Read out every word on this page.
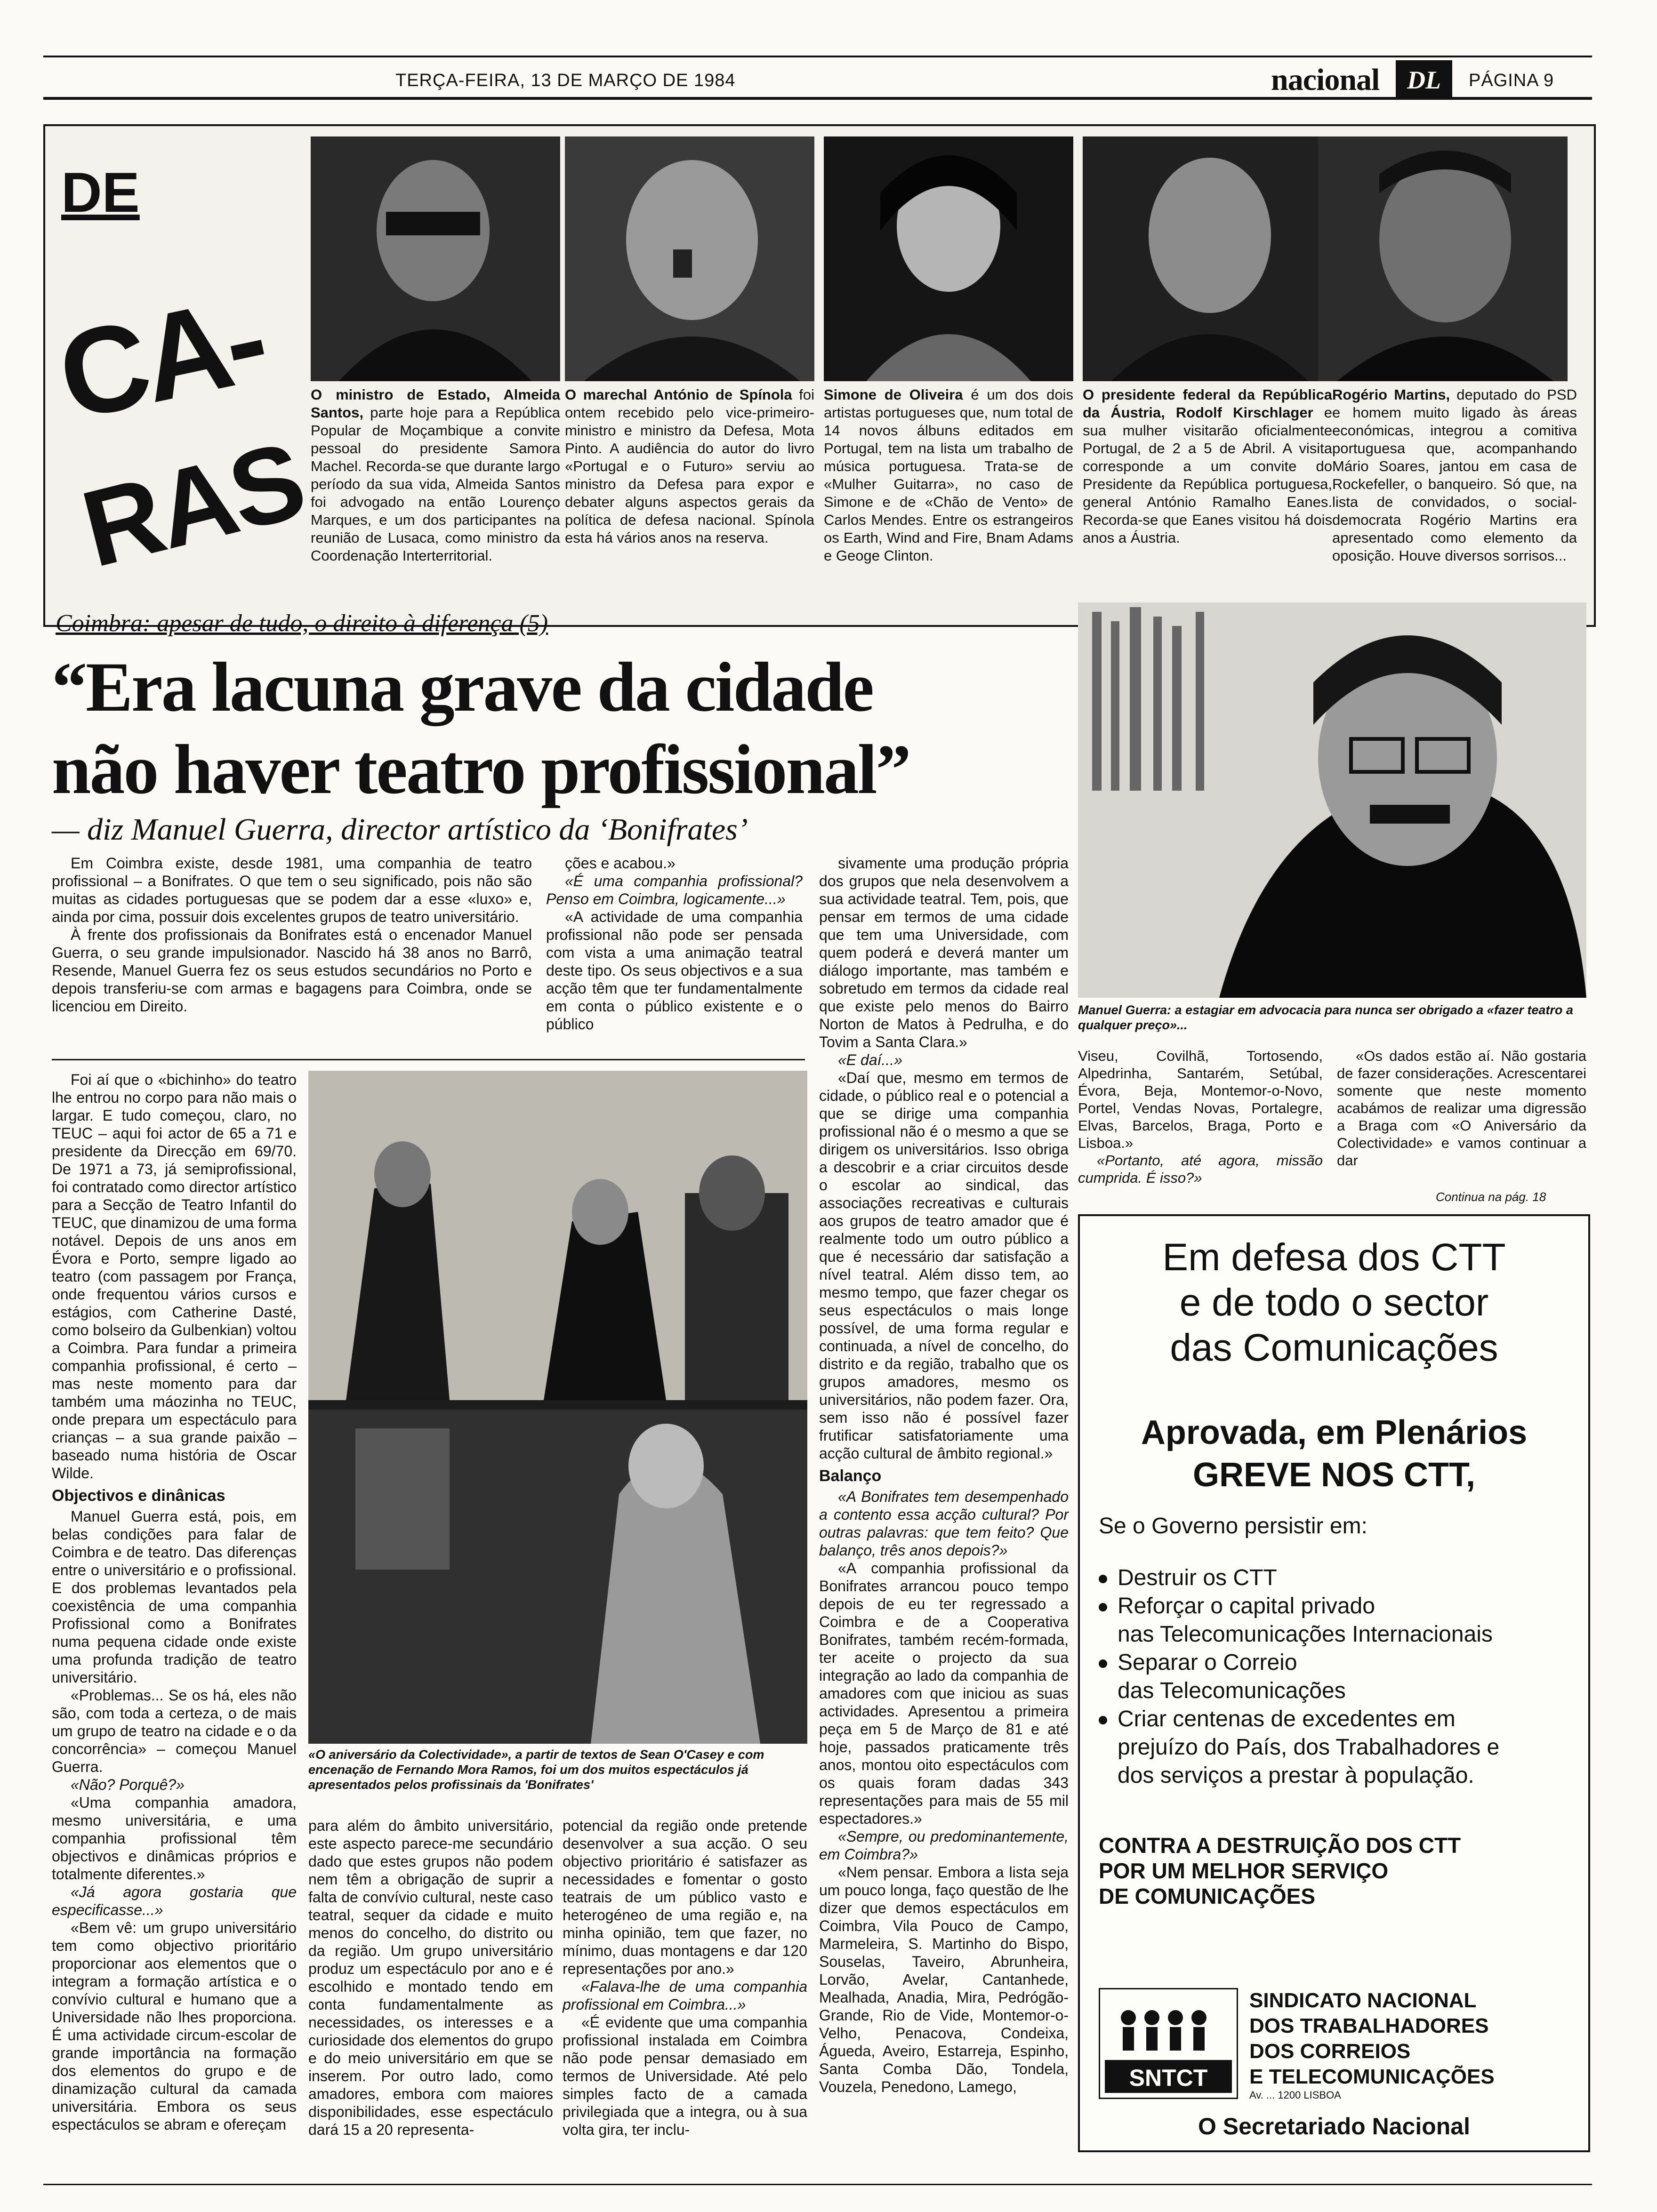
TERÇA-FEIRA, 13 DE MARÇO DE 1984	nacional DL PÁGINA 9
DE
CA-
RAS
O ministro de Estado, Almeida Santos, parte hoje para a República Popular de Moçambique a convite pessoal do presidente Samora Machel. Recorda-se que durante largo período da sua vida, Almeida Santos foi advogado na então Lourenço Marques, e um dos participantes na reunião de Lusaca, como ministro da Coordenação Interterritorial.
O marechal António de Spínola foi ontem recebido pelo vice-primeiro-ministro e ministro da Defesa, Mota Pinto. A audiência do autor do livro «Portugal e o Futuro» serviu ao ministro da Defesa para expor e debater alguns aspectos gerais da política de defesa nacional. Spínola esta há vários anos na reserva.
Simone de Oliveira é um dos dois artistas portugueses que, num total de 14 novos álbuns editados em Portugal, tem na lista um trabalho de música portuguesa. Trata-se de «Mulher Guitarra», no caso de Simone e de «Chão de Vento» de Carlos Mendes. Entre os estrangeiros os Earth, Wind and Fire, Bnam Adams e Geoge Clinton.
O presidente federal da República da Áustria, Rodolf Kirschlager e sua mulher visitarão oficialmente Portugal, de 2 a 5 de Abril. A visita corresponde a um convite do Presidente da República portuguesa, general António Ramalho Eanes. Recorda-se que Eanes visitou há dois anos a Áustria.
Rogério Martins, deputado do PSD e homem muito ligado às áreas económicas, integrou a comitiva portuguesa que, acompanhando Mário Soares, jantou em casa de Rockefeller, o banqueiro. Só que, na lista de convidados, o social-democrata Rogério Martins era apresentado como elemento da oposição. Houve diversos sorrisos...
Coimbra: apesar de tudo, o direito à diferença (5)
“Era lacuna grave da cidade
não haver teatro profissional”
— diz Manuel Guerra, director artístico da ‘Bonifrates’
Manuel Guerra: a estagiar em advocacia para nunca ser obrigado a «fazer teatro a qualquer preço»...

Em Coimbra existe, desde 1981, uma companhia de teatro profissional – a Bonifrates. O que tem o seu significado, pois não são muitas as cidades portuguesas que se podem dar a esse «luxo» e, ainda por cima, possuir dois excelentes grupos de teatro universitário.

À frente dos profissionais da Bonifrates está o encenador Manuel Guerra, o seu grande impulsionador. Nascido há 38 anos no Barrô, Resende, Manuel Guerra fez os seus estudos secundários no Porto e depois transferiu-se com armas e bagagens para Coimbra, onde se licenciou em Direito.

ções e acabou.»

«É uma companhia profissional? Penso em Coimbra, logicamente...»

«A actividade de uma companhia profissional não pode ser pensada com vista a uma animação teatral deste tipo. Os seus objectivos e a sua acção têm que ter fundamentalmente em conta o público existente e o público

sivamente uma produção própria dos grupos que nela desenvolvem a sua actividade teatral. Tem, pois, que pensar em termos de uma cidade que tem uma Universidade, com quem poderá e deverá manter um diálogo importante, mas também e sobretudo em termos da cidade real que existe pelo menos do Bairro Norton de Matos à Pedrulha, e do Tovim a Santa Clara.»

«E daí...»

«Daí que, mesmo em termos de cidade, o público real e o potencial a que se dirige uma companhia profissional não é o mesmo a que se dirigem os universitários. Isso obriga a descobrir e a criar circuitos desde o escolar ao sindical, das associações recreativas e culturais aos grupos de teatro amador que é realmente todo um outro público a que é necessário dar satisfação a nível teatral. Além disso tem, ao mesmo tempo, que fazer chegar os seus espectáculos o mais longe possível, de uma forma regular e continuada, a nível de concelho, do distrito e da região, trabalho que os grupos amadores, mesmo os universitários, não podem fazer. Ora, sem isso não é possível fazer frutificar satisfatoriamente uma acção cultural de âmbito regional.»

Balanço

«A Bonifrates tem desempenhado a contento essa acção cultural? Por outras palavras: que tem feito? Que balanço, três anos depois?»

«A companhia profissional da Bonifrates arrancou pouco tempo depois de eu ter regressado a Coimbra e de a Cooperativa Bonifrates, também recém-formada, ter aceite o projecto da sua integração ao lado da companhia de amadores com que iniciou as suas actividades. Apresentou a primeira peça em 5 de Março de 81 e até hoje, passados praticamente três anos, montou oito espectáculos com os quais foram dadas 343 representações para mais de 55 mil espectadores.»

«Sempre, ou predominantemente, em Coimbra?»

«Nem pensar. Embora a lista seja um pouco longa, faço questão de lhe dizer que demos espectáculos em Coimbra, Vila Pouco de Campo, Marmeleira, S. Martinho do Bispo, Souselas, Taveiro, Abrunheira, Lorvão, Avelar, Cantanhede, Mealhada, Anadia, Mira, Pedrógão-Grande, Rio de Vide, Montemor-o-Velho, Penacova, Condeixa, Águeda, Aveiro, Estarreja, Espinho, Santa Comba Dão, Tondela, Vouzela, Penedono, Lamego,

Foi aí que o «bichinho» do teatro lhe entrou no corpo para não mais o largar. E tudo começou, claro, no TEUC – aqui foi actor de 65 a 71 e presidente da Direcção em 69/70. De 1971 a 73, já semiprofissional, foi contratado como director artístico para a Secção de Teatro Infantil do TEUC, que dinamizou de uma forma notável. Depois de uns anos em Évora e Porto, sempre ligado ao teatro (com passagem por França, onde frequentou vários cursos e estágios, com Catherine Dasté, como bolseiro da Gulbenkian) voltou a Coimbra. Para fundar a primeira companhia profissional, é certo – mas neste momento para dar também uma máozinha no TEUC, onde prepara um espectáculo para crianças – a sua grande paixão – baseado numa história de Oscar Wilde.

Objectivos e dinânicas

Manuel Guerra está, pois, em belas condições para falar de Coimbra e de teatro. Das diferenças entre o universitário e o profissional. E dos problemas levantados pela coexistência de uma companhia Profissional como a Bonifrates numa pequena cidade onde existe uma profunda tradição de teatro universitário.

«Problemas... Se os há, eles não são, com toda a certeza, o de mais um grupo de teatro na cidade e o da concorrência» – começou Manuel Guerra.

«Não? Porquê?»

«Uma companhia amadora, mesmo universitária, e uma companhia profissional têm objectivos e dinâmicas próprios e totalmente diferentes.»

«Já agora gostaria que especificasse...»

«Bem vê: um grupo universitário tem como objectivo prioritário proporcionar aos elementos que o integram a formação artística e o convívio cultural e humano que a Universidade não lhes proporciona. É uma actividade circum-escolar de grande importância na formação dos elementos do grupo e de dinamização cultural da camada universitária. Embora os seus espectáculos se abram e ofereçam

«O aniversário da Colectividade», a partir de textos de Sean O'Casey e com encenação de Fernando Mora Ramos, foi um dos muitos espectáculos já apresentados pelos profissinais da 'Bonifrates'

para além do âmbito universitário, este aspecto parece-me secundário dado que estes grupos não podem nem têm a obrigação de suprir a falta de convívio cultural, neste caso teatral, sequer da cidade e muito menos do concelho, do distrito ou da região. Um grupo universitário produz um espectáculo por ano e é escolhido e montado tendo em conta fundamentalmente as necessidades, os interesses e a curiosidade dos elementos do grupo e do meio universitário em que se inserem. Por outro lado, como amadores, embora com maiores disponibilidades, esse espectáculo dará 15 a 20 representa-

potencial da região onde pretende desenvolver a sua acção. O seu objectivo prioritário é satisfazer as necessidades e fomentar o gosto teatrais de um público vasto e heterogéneo de uma região e, na minha opinião, tem que fazer, no mínimo, duas montagens e dar 120 representações por ano.»

«Falava-lhe de uma companhia profissional em Coimbra...»

«É evidente que uma companhia profissional instalada em Coimbra não pode pensar demasiado em termos de Universidade. Até pelo simples facto de a camada privilegiada que a integra, ou à sua volta gira, ter inclu-

Viseu, Covilhã, Tortosendo, Alpedrinha, Santarém, Setúbal, Évora, Beja, Montemor-o-Novo, Portel, Vendas Novas, Portalegre, Elvas, Barcelos, Braga, Porto e Lisboa.»

«Portanto, até agora, missão cumprida. É isso?»

«Os dados estão aí. Não gostaria de fazer considerações. Acrescentarei somente que neste momento acabámos de realizar uma digressão a Braga com «O Aniversário da Colectividade» e vamos continuar a dar

Continua na pág. 18
Em defesa dos CTT
e de todo o sector
das Comunicações
Aprovada, em Plenários
GREVE NOS CTT,
Se o Governo persistir em:
Destruir os CTT
Reforçar o capital privado
nas Telecomunicações Internacionais
Separar o Correio
das Telecomunicações
Criar centenas de excedentes em
prejuízo do País, dos Trabalhadores e
dos serviços a prestar à população.
CONTRA A DESTRUIÇÃO DOS CTT
POR UM MELHOR SERVIÇO
DE COMUNICAÇÕES
SNTCT
SINDICATO NACIONAL
DOS TRABALHADORES
DOS CORREIOS
E TELECOMUNICAÇÕES
Av. ... 1200 LISBOA
O Secretariado Nacional
